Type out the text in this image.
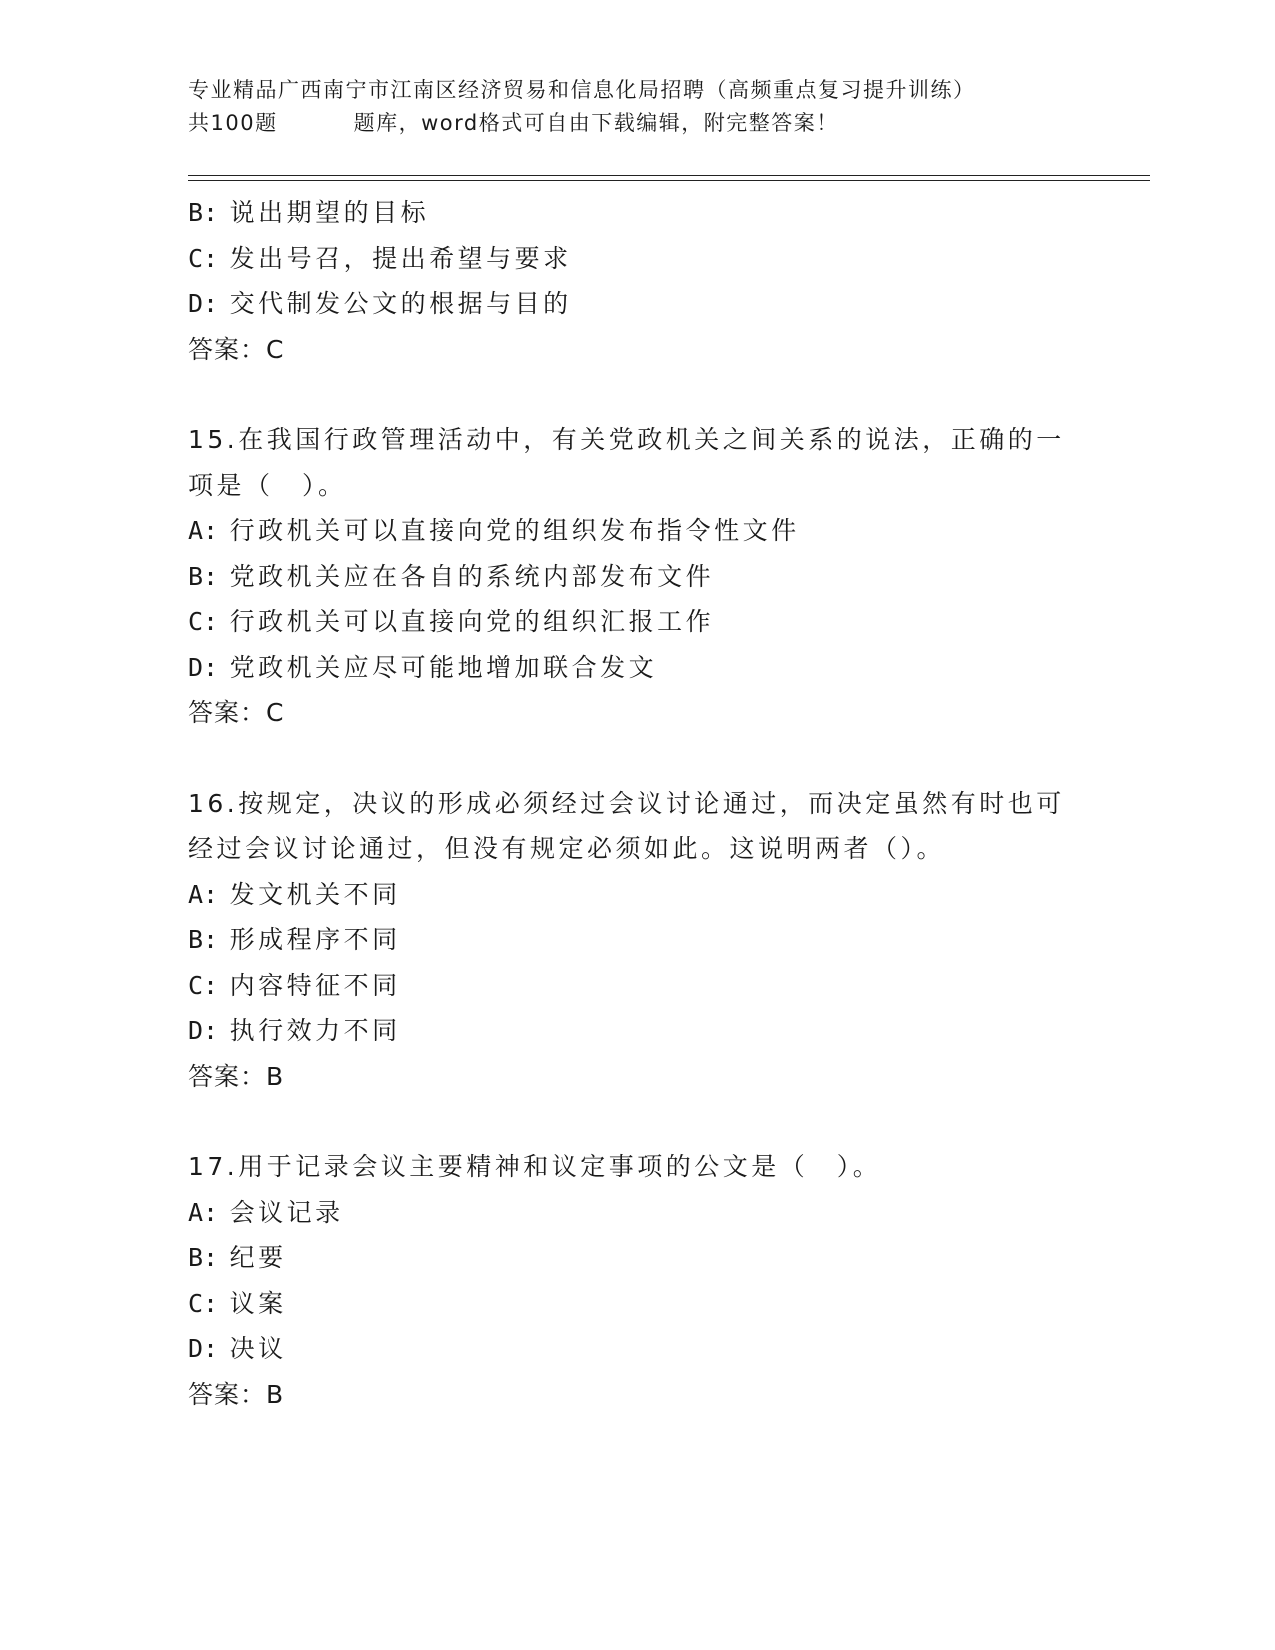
专业精品广西南宁市江南区经济贸易和信息化局招聘（高频重点复习提升训练）
共100题	题库，word格式可自由下载编辑，附完整答案！
B: 说出期望的目标
C: 发出号召，提出希望与要求
D: 交代制发公文的根据与目的
答案：C
15.在我国行政管理活动中，有关党政机关之间关系的说法，正确的一项是（　）。
A: 行政机关可以直接向党的组织发布指令性文件
B: 党政机关应在各自的系统内部发布文件
C: 行政机关可以直接向党的组织汇报工作
D: 党政机关应尽可能地增加联合发文
答案：C
16.按规定，决议的形成必须经过会议讨论通过，而决定虽然有时也可经过会议讨论通过，但没有规定必须如此。这说明两者（）。
A: 发文机关不同
B: 形成程序不同
C: 内容特征不同
D: 执行效力不同
答案：B
17.用于记录会议主要精神和议定事项的公文是（　）。
A: 会议记录
B: 纪要
C: 议案
D: 决议
答案：B
